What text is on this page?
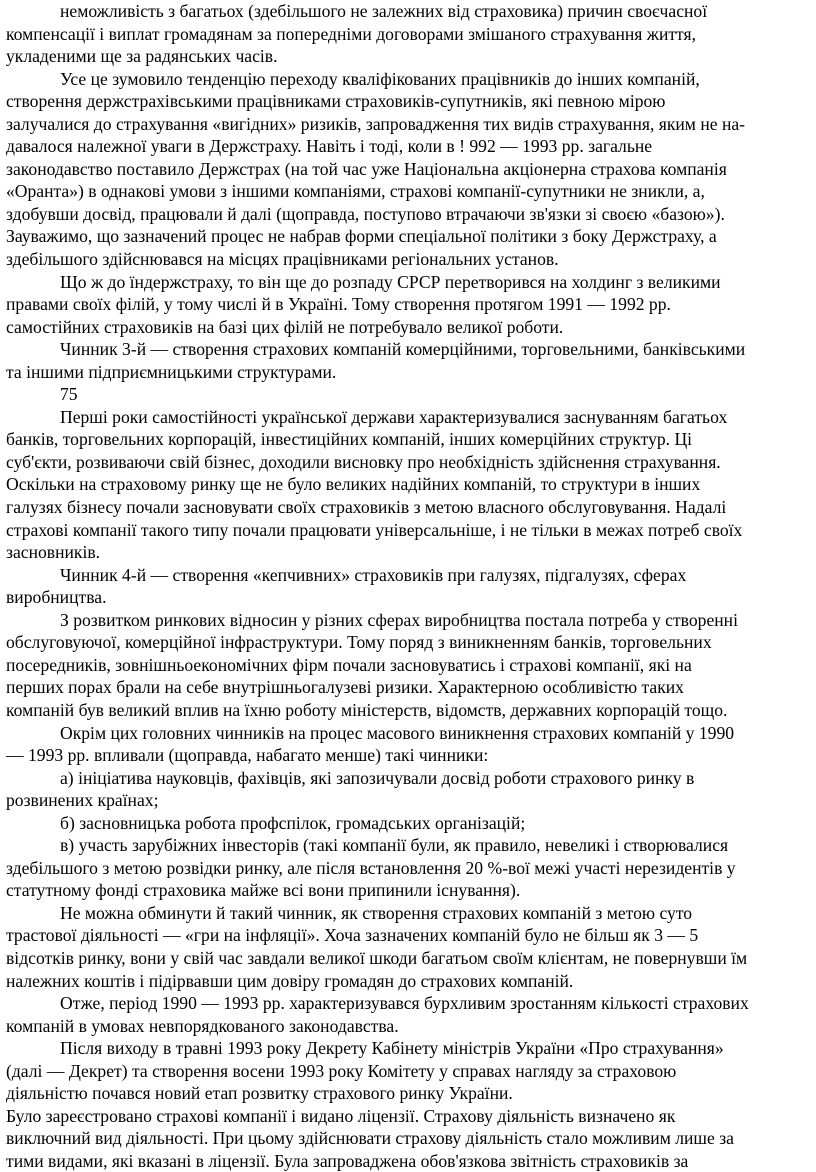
неможливість з багатьох (здебільшого не залежних від страховика) причин своєчасної

компенсації і виплат громадянам за попередніми договорами змішаного страхування життя,

укладеними ще за радянських часів.

Усе це зумовило тенденцію переходу кваліфікованих працівників до інших компаній,

створення держстрахівськими працівниками страховиків-супутників, які певною мірою

залучалися до страхування «вигідних» ризиків, запровадження тих видів страхування, яким не на-

давалося належної уваги в Держстраху. Навіть і тоді, коли в ! 992 — 1993 рр. загальне

законодавство поставило Держстрах (на той час уже Національна акціонерна страхова компанія

«Оранта») в однакові умови з іншими компаніями, страхові компанії-супутники не зникли, а,

здобувши досвід, працювали й далі (щоправда, поступово втрачаючи зв'язки зі своєю «базою»).

Зауважимо, що зазначений процес не набрав форми спеціальної політики з боку Держстраху, а

здебільшого здійснювався на місцях працівниками регіональних установ.

Що ж до їндержстраху, то він ще до розпаду СРСР перетворився на холдинг з великими

правами своїх філій, у тому числі й в Україні. Тому створення протягом 1991 — 1992 рр.

самостійних страховиків на базі цих філій не потребувало великої роботи.

Чинник 3-й — створення страхових компаній комерційними, торговельними, банківськими

та іншими підприємницькими структурами.

75

Перші роки самостійності української держави характеризувалися заснуванням багатьох

банків, торговельних корпорацій, інвестиційних компаній, інших комерційних структур. Ці

суб'єкти, розвиваючи свій бізнес, доходили висновку про необхідність здійснення страхування.

Оскільки на страховому ринку ще не було великих надійних компаній, то структури в інших

галузях бізнесу почали засновувати своїх страховиків з метою власного обслуговування. Надалі

страхові компанії такого типу почали працювати універсальніше, і не тільки в межах потреб своїх

засновників.

Чинник 4-й — створення «кепчивних» страховиків при галузях, підгалузях, сферах

виробництва.

З розвитком ринкових відносин у різних сферах виробництва постала потреба у створенні

обслуговуючої, комерційної інфраструктури. Тому поряд з виникненням банків, торговельних

посередників, зовнішньоекономічних фірм почали засновуватись і страхові компанії, які на

перших порах брали на себе внутрішньогалузеві ризики. Характерною особливістю таких

компаній був великий вплив на їхню роботу міністерств, відомств, державних корпорацій тощо.

Окрім цих головних чинників на процес масового виникнення страхових компаній у 1990

— 1993 рр. впливали (щоправда, набагато менше) такі чинники:

а) ініціатива науковців, фахівців, які запозичували досвід роботи страхового ринку в

розвинених країнах;

б) засновницька робота профспілок, громадських організацій;

в) участь зарубіжних інвесторів (такі компанії були, як правило, невеликі і створювалися

здебільшого з метою розвідки ринку, але після встановлення 20 %-вої межі участі нерезидентів у

статутному фонді страховика майже всі вони припинили існування).

Не можна обминути й такий чинник, як створення страхових компаній з метою суто

трастової діяльності — «гри на інфляції». Хоча зазначених компаній було не більш як 3 — 5

відсотків ринку, вони у свій час завдали великої шкоди багатьом своїм клієнтам, не повернувши їм

належних коштів і підірвавши цим довіру громадян до страхових компаній.

Отже, період 1990 — 1993 рр. характеризувався бурхливим зростанням кількості страхових

компаній в умовах невпорядкованого законодавства.

Після виходу в травні 1993 року Декрету Кабінету міністрів України «Про страхування»

(далі — Декрет) та створення восени 1993 року Комітету у справах нагляду за страховою

діяльністю почався новий етап розвитку страхового ринку України.

Було зареєстровано страхові компанії і видано ліцензії. Страхову діяльність визначено як

виключний вид діяльності. При цьому здійснювати страхову діяльність стало можливим лише за

тими видами, які вказані в ліцензії. Була запроваджена обов'язкова звітність страховиків за
